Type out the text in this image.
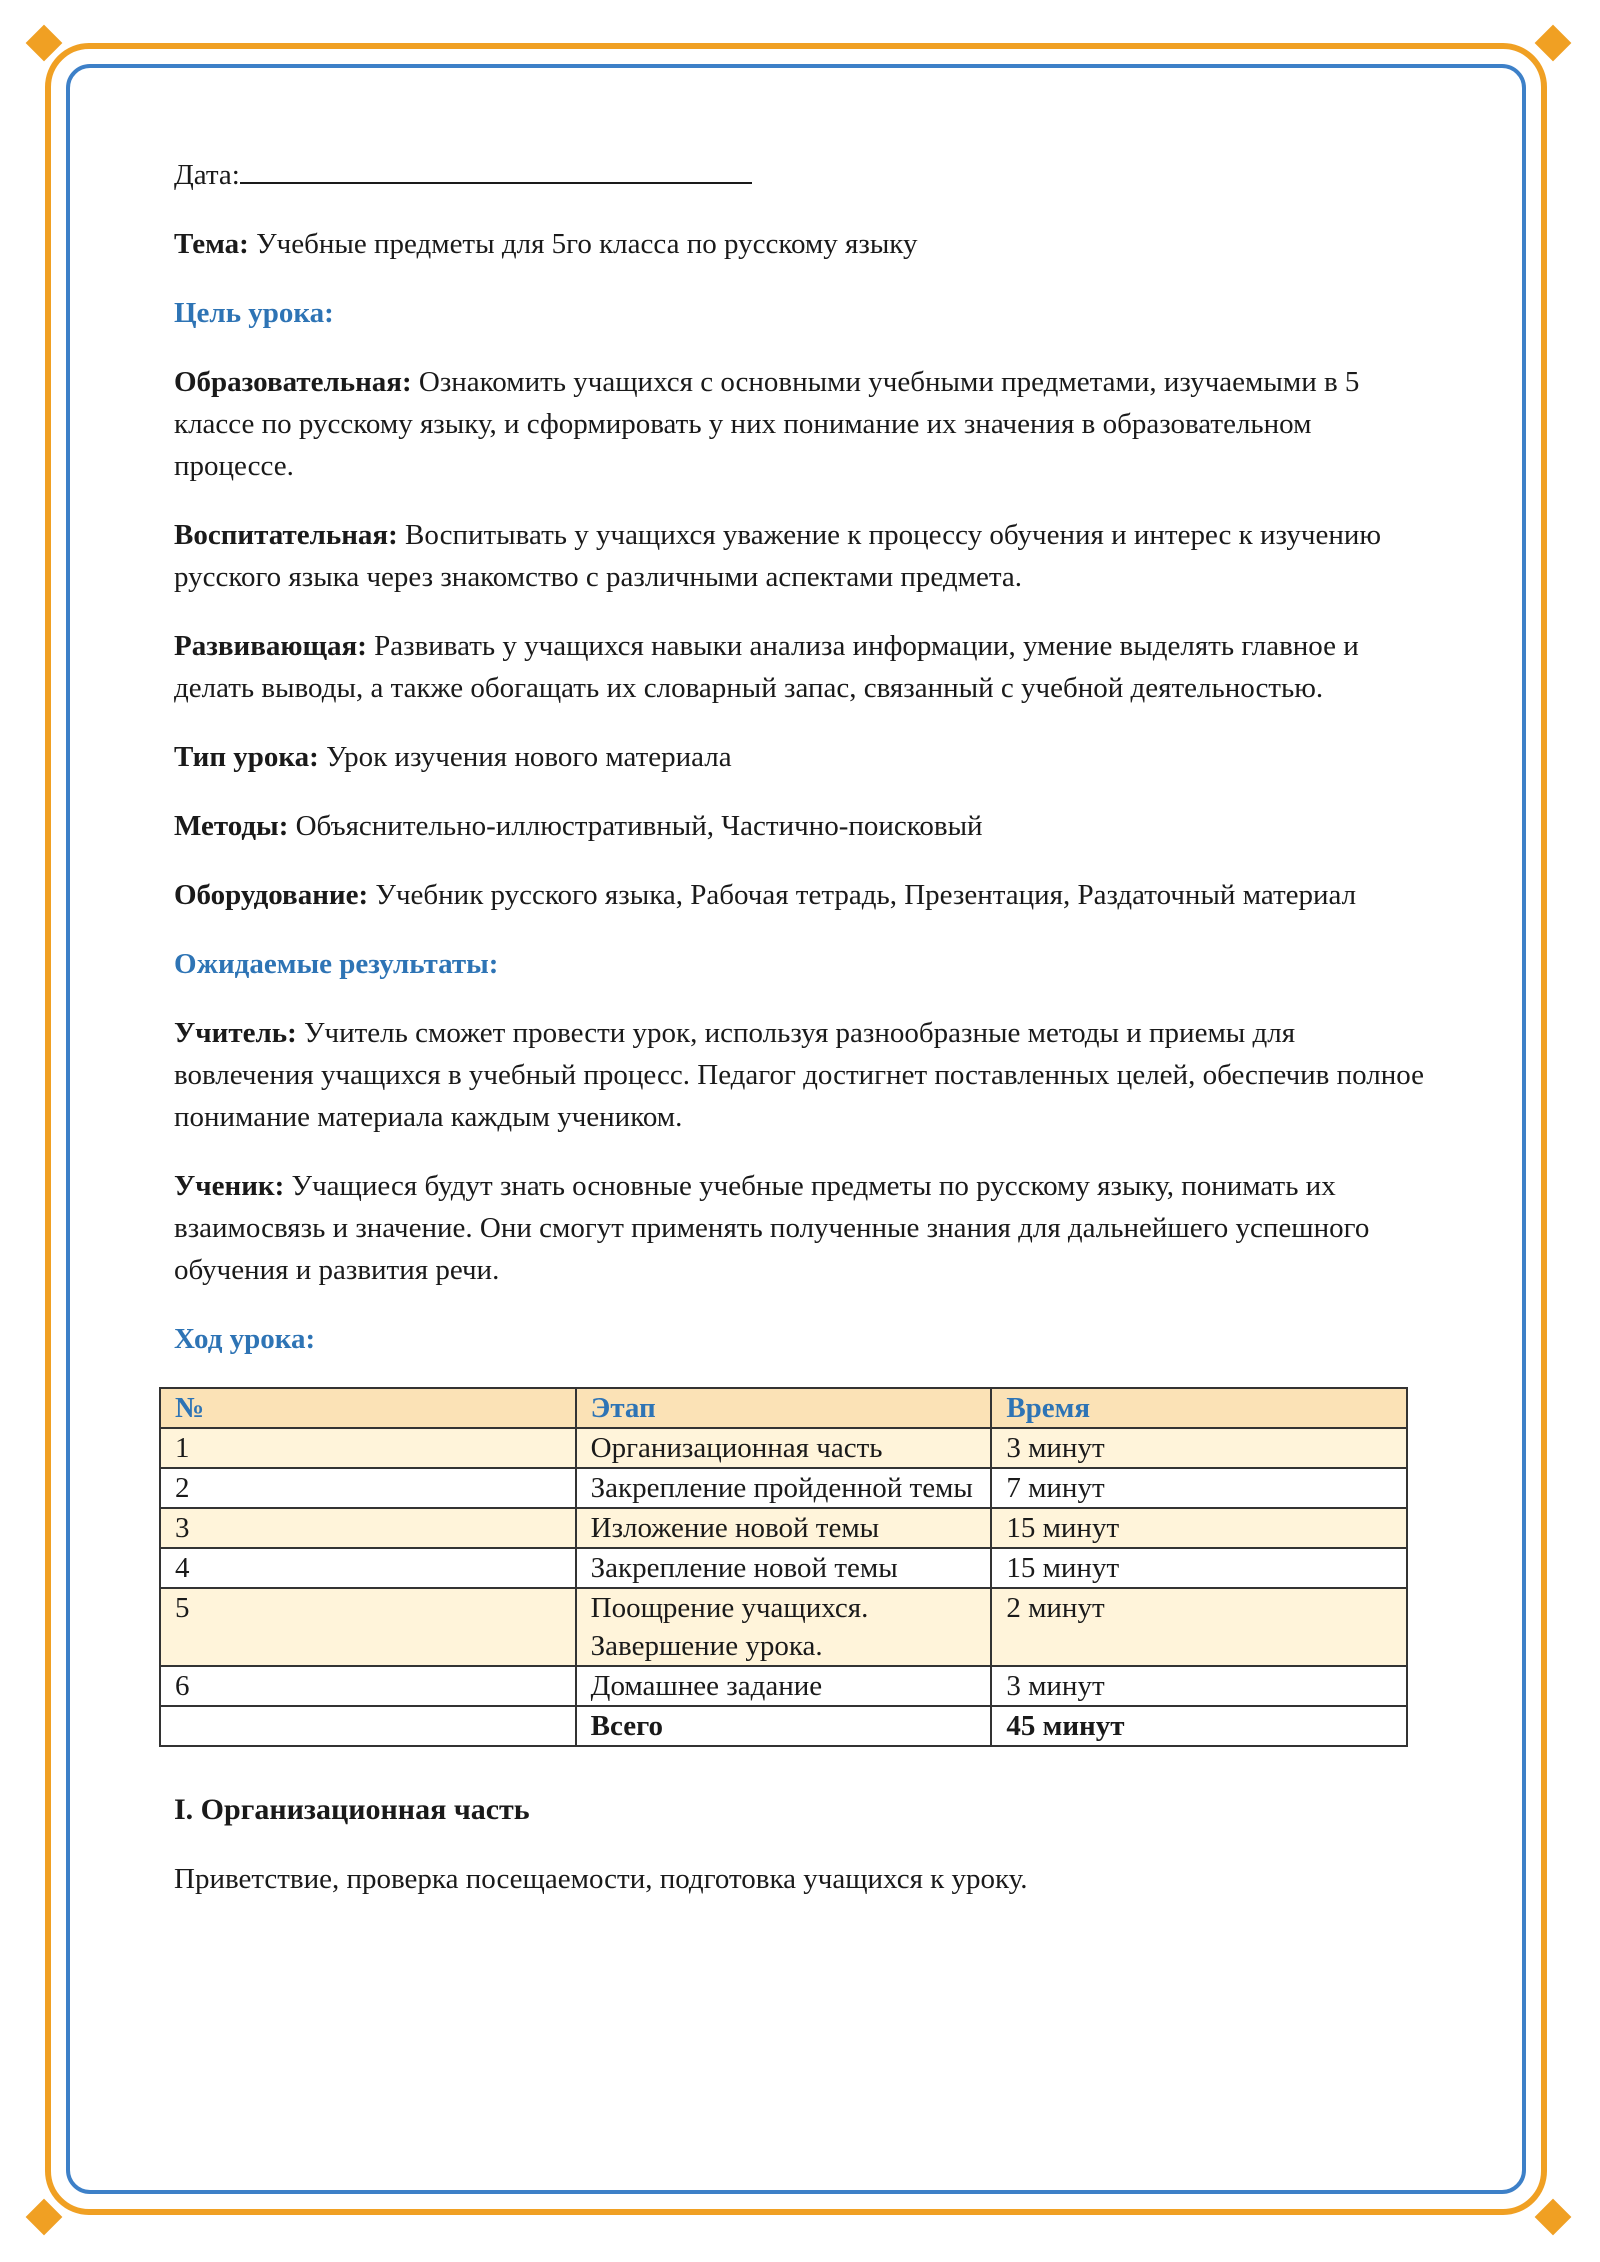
Дата:

Тема: Учебные предметы для 5го класса по русскому языку

Цель урока:

Образовательная: Ознакомить учащихся с основными учебными предметами, изучаемыми в 5 классе по русскому языку, и сформировать у них понимание их значения в образовательном процессе.

Воспитательная: Воспитывать у учащихся уважение к процессу обучения и интерес к изучению русского языка через знакомство с различными аспектами предмета.

Развивающая: Развивать у учащихся навыки анализа информации, умение выделять главное и делать выводы, а также обогащать их словарный запас, связанный с учебной деятельностью.

Тип урока: Урок изучения нового материала

Методы: Объяснительно-иллюстративный, Частично-поисковый

Оборудование: Учебник русского языка, Рабочая тетрадь, Презентация, Раздаточный материал

Ожидаемые результаты:

Учитель: Учитель сможет провести урок, используя разнообразные методы и приемы для вовлечения учащихся в учебный процесс. Педагог достигнет поставленных целей, обеспечив полное понимание материала каждым учеником.

Ученик: Учащиеся будут знать основные учебные предметы по русскому языку, понимать их взаимосвязь и значение. Они смогут применять полученные знания для дальнейшего успешного обучения и развития речи.

Ход урока:

№	Этап	Время
1	Организационная часть	3 минут
2	Закрепление пройденной темы	7 минут
3	Изложение новой темы	15 минут
4	Закрепление новой темы	15 минут
5	Поощрение учащихся. Завершение урока.	2 минут
6	Домашнее задание	3 минут
	Всего	45 минут

I. Организационная часть

Приветствие, проверка посещаемости, подготовка учащихся к уроку.
